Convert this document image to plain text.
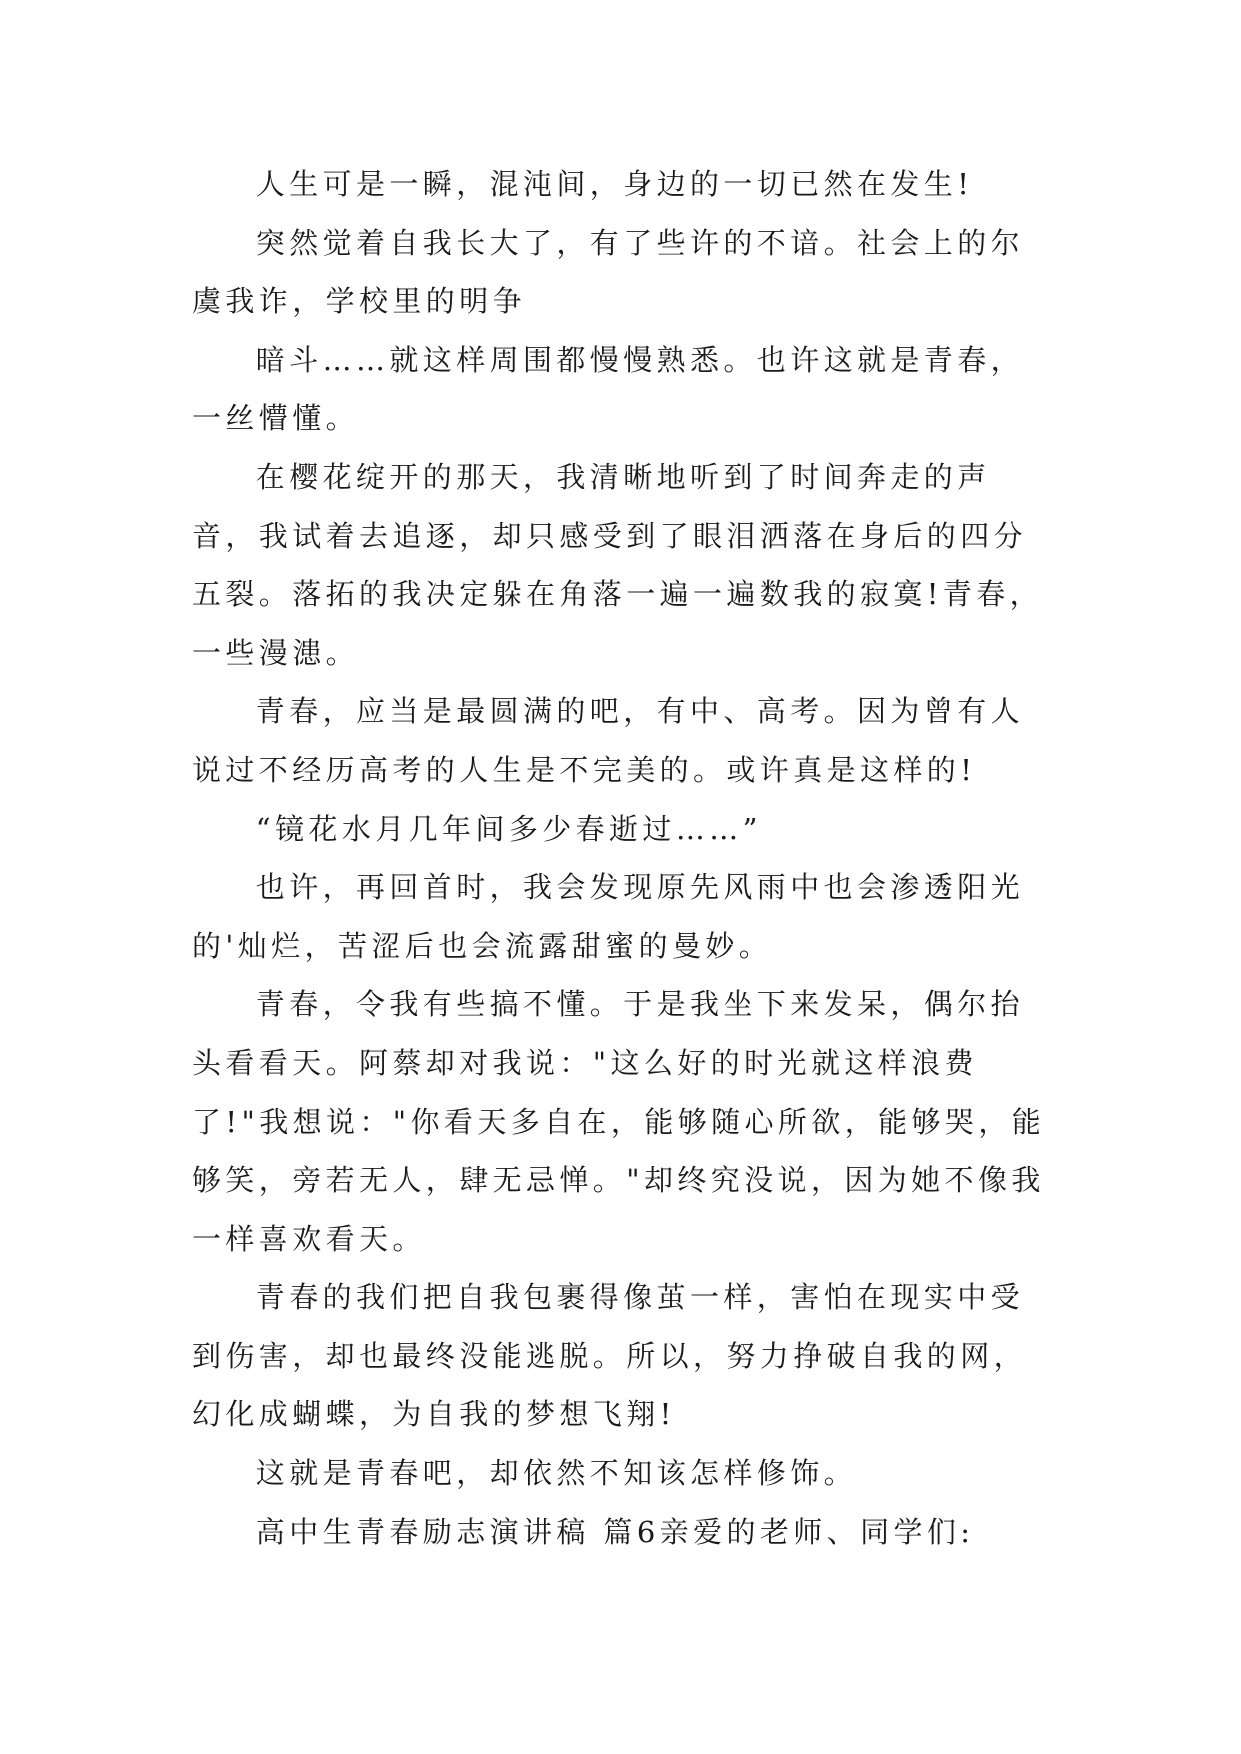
人生可是一瞬，混沌间，身边的一切已然在发生!

突然觉着自我长大了，有了些许的不谙。社会上的尔虞我诈，学校里的明争

暗斗……就这样周围都慢慢熟悉。也许这就是青春，一丝懵懂。

在樱花绽开的那天，我清晰地听到了时间奔走的声音，我试着去追逐，却只感受到了眼泪洒落在身后的四分五裂。落拓的我决定躲在角落一遍一遍数我的寂寞!青春，一些漫漶。

青春，应当是最圆满的吧，有中、高考。因为曾有人说过不经历高考的人生是不完美的。或许真是这样的!

“镜花水月几年间多少春逝过……”

也许，再回首时，我会发现原先风雨中也会渗透阳光的'灿烂，苦涩后也会流露甜蜜的曼妙。

青春，令我有些搞不懂。于是我坐下来发呆，偶尔抬头看看天。阿蔡却对我说："这么好的时光就这样浪费了!"我想说："你看天多自在，能够随心所欲，能够哭，能够笑，旁若无人，肆无忌惮。"却终究没说，因为她不像我一样喜欢看天。

青春的我们把自我包裹得像茧一样，害怕在现实中受到伤害，却也最终没能逃脱。所以，努力挣破自我的网，幻化成蝴蝶，为自我的梦想飞翔!

这就是青春吧，却依然不知该怎样修饰。

高中生青春励志演讲稿 篇6亲爱的老师、同学们:
